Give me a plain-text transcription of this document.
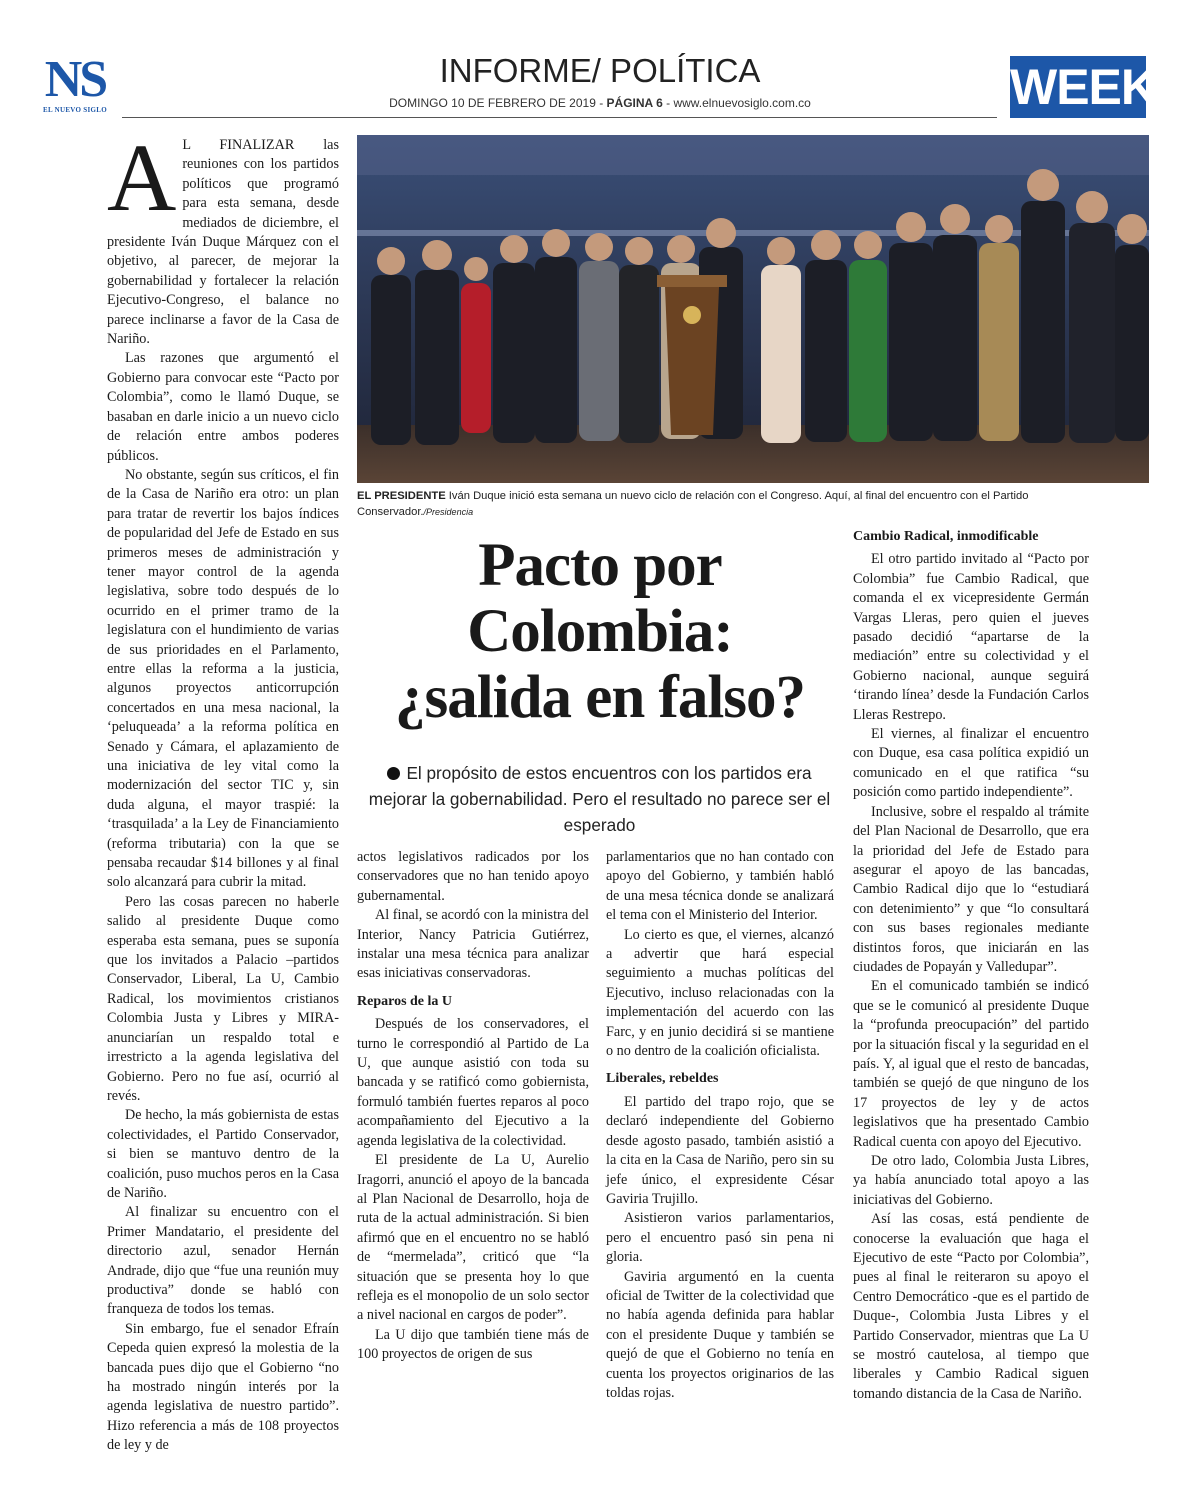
NS
EL NUEVO SIGLO
INFORME/ POLÍTICA
DOMINGO 10 DE FEBRERO DE 2019 - PÁGINA 6 - www.elnuevosiglo.com.co	WEEK
EL PRESIDENTE Iván Duque inició esta semana un nuevo ciclo de relación con el Congreso. Aquí, al final del encuentro con el Partido Conservador./Presidencia
Pacto por
Colombia:
¿salida en falso?
El propósito de estos encuentros con los partidos era mejorar la gobernabilidad. Pero el resultado no parece ser el esperado

A L FINALIZAR las reuniones con los partidos políticos que programó para esta semana, desde mediados de diciembre, el presidente Iván Duque Márquez con el objetivo, al parecer, de mejorar la gobernabilidad y fortalecer la relación Ejecutivo-Congreso, el balance no parece inclinarse a favor de la Casa de Nariño.

Las razones que argumentó el Gobierno para convocar este “Pacto por Colombia”, como le llamó Duque, se basaban en darle inicio a un nuevo ciclo de relación entre ambos poderes públicos.

No obstante, según sus críticos, el fin de la Casa de Nariño era otro: un plan para tratar de revertir los bajos índices de popularidad del Jefe de Estado en sus primeros meses de administración y tener mayor control de la agenda legislativa, sobre todo después de lo ocurrido en el primer tramo de la legislatura con el hundimiento de varias de sus prioridades en el Parlamento, entre ellas la reforma a la justicia, algunos proyectos anticorrupción concertados en una mesa nacional, la ‘peluqueada’ a la reforma política en Senado y Cámara, el aplazamiento de una iniciativa de ley vital como la modernización del sector TIC y, sin duda alguna, el mayor traspié: la ‘trasquilada’ a la Ley de Financiamiento (reforma tributaria) con la que se pensaba recaudar $14 billones y al final solo alcanzará para cubrir la mitad.

Pero las cosas parecen no haberle salido al presidente Duque como esperaba esta semana, pues se suponía que los invitados a Palacio –partidos Conservador, Liberal, La U, Cambio Radical, los movimientos cristianos Colombia Justa y Libres y MIRA- anunciarían un respaldo total e irrestricto a la agenda legislativa del Gobierno. Pero no fue así, ocurrió al revés.

De hecho, la más gobiernista de estas colectividades, el Partido Conservador, si bien se mantuvo dentro de la coalición, puso muchos peros en la Casa de Nariño.

Al finalizar su encuentro con el Primer Mandatario, el presidente del directorio azul, senador Hernán Andrade, dijo que “fue una reunión muy productiva” donde se habló con franqueza de todos los temas.

Sin embargo, fue el senador Efraín Cepeda quien expresó la molestia de la bancada pues dijo que el Gobierno “no ha mostrado ningún interés por la agenda legislativa de nuestro partido”. Hizo referencia a más de 108 proyectos de ley y de

actos legislativos radicados por los conservadores que no han tenido apoyo gubernamental.

Al final, se acordó con la ministra del Interior, Nancy Patricia Gutiérrez, instalar una mesa técnica para analizar esas iniciativas conservadoras.

Reparos de la U

Después de los conservadores, el turno le correspondió al Partido de La U, que aunque asistió con toda su bancada y se ratificó como gobiernista, formuló también fuertes reparos al poco acompañamiento del Ejecutivo a la agenda legislativa de la colectividad.

El presidente de La U, Aurelio Iragorri, anunció el apoyo de la bancada al Plan Nacional de Desarrollo, hoja de ruta de la actual administración. Si bien afirmó que en el encuentro no se habló de “mermelada”, criticó que “la situación que se presenta hoy lo que refleja es el monopolio de un solo sector a nivel nacional en cargos de poder”.

La U dijo que también tiene más de 100 proyectos de origen de sus

parlamentarios que no han contado con apoyo del Gobierno, y también habló de una mesa técnica donde se analizará el tema con el Ministerio del Interior.

Lo cierto es que, el viernes, alcanzó a advertir que hará especial seguimiento a muchas políticas del Ejecutivo, incluso relacionadas con la implementación del acuerdo con las Farc, y en junio decidirá si se mantiene o no dentro de la coalición oficialista.

Liberales, rebeldes

El partido del trapo rojo, que se declaró independiente del Gobierno desde agosto pasado, también asistió a la cita en la Casa de Nariño, pero sin su jefe único, el expresidente César Gaviria Trujillo.

Asistieron varios parlamentarios, pero el encuentro pasó sin pena ni gloria.

Gaviria argumentó en la cuenta oficial de Twitter de la colectividad que no había agenda definida para hablar con el presidente Duque y también se quejó de que el Gobierno no tenía en cuenta los proyectos originarios de las toldas rojas.

Cambio Radical, inmodificable

El otro partido invitado al “Pacto por Colombia” fue Cambio Radical, que comanda el ex vicepresidente Germán Vargas Lleras, pero quien el jueves pasado decidió “apartarse de la mediación” entre su colectividad y el Gobierno nacional, aunque seguirá ‘tirando línea’ desde la Fundación Carlos Lleras Restrepo.

El viernes, al finalizar el encuentro con Duque, esa casa política expidió un comunicado en el que ratifica “su posición como partido independiente”.

Inclusive, sobre el respaldo al trámite del Plan Nacional de Desarrollo, que era la prioridad del Jefe de Estado para asegurar el apoyo de las bancadas, Cambio Radical dijo que lo “estudiará con detenimiento” y que “lo consultará con sus bases regionales mediante distintos foros, que iniciarán en las ciudades de Popayán y Valledupar”.

En el comunicado también se indicó que se le comunicó al presidente Duque la “profunda preocupación” del partido por la situación fiscal y la seguridad en el país. Y, al igual que el resto de bancadas, también se quejó de que ninguno de los 17 proyectos de ley y de actos legislativos que ha presentado Cambio Radical cuenta con apoyo del Ejecutivo.

De otro lado, Colombia Justa Libres, ya había anunciado total apoyo a las iniciativas del Gobierno.

Así las cosas, está pendiente de conocerse la evaluación que haga el Ejecutivo de este “Pacto por Colombia”, pues al final le reiteraron su apoyo el Centro Democrático -que es el partido de Duque-, Colombia Justa Libres y el Partido Conservador, mientras que La U se mostró cautelosa, al tiempo que liberales y Cambio Radical siguen tomando distancia de la Casa de Nariño.
